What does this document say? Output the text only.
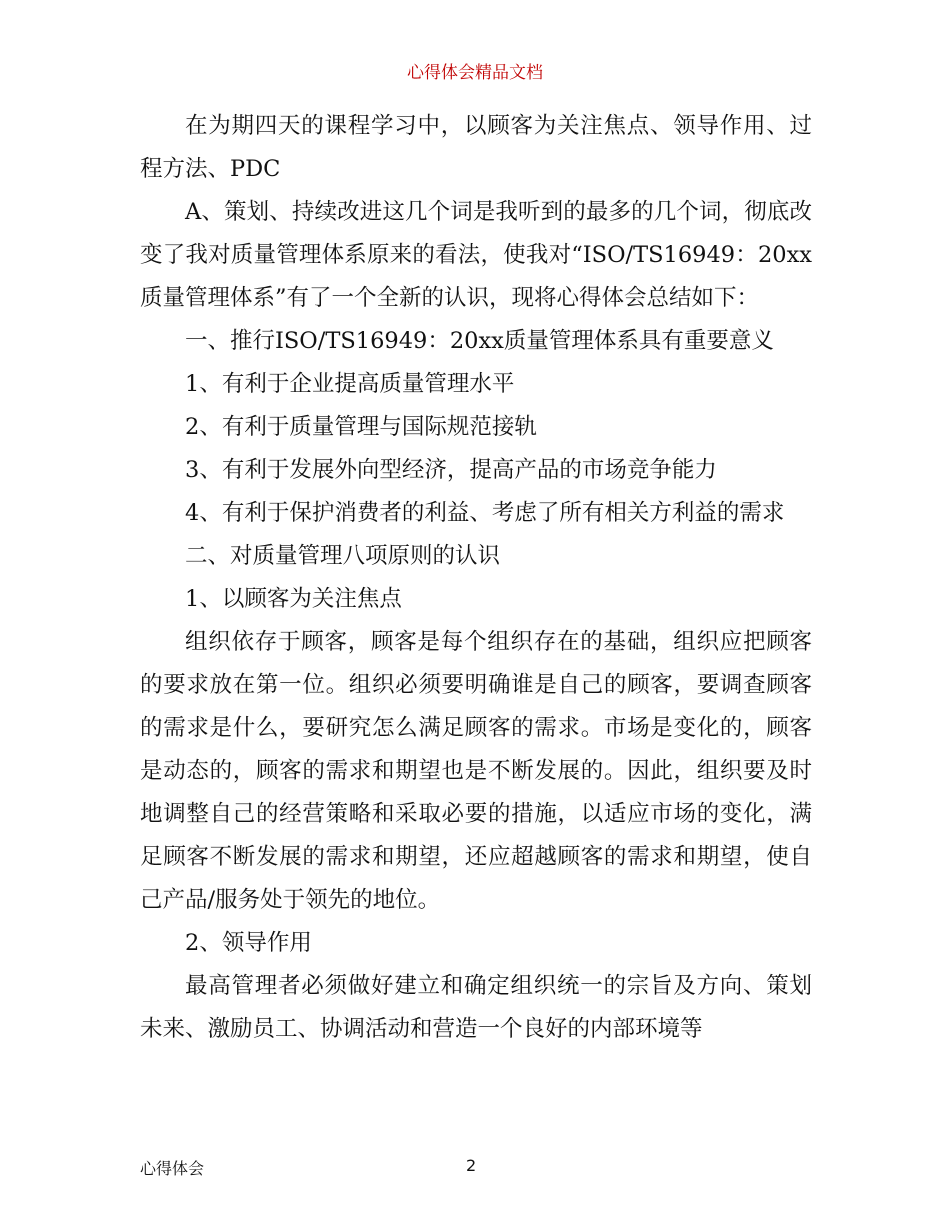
心得体会精品文档

在为期四天的课程学习中，以顾客为关注焦点、领导作用、过程方法、PDC

A、策划、持续改进这几个词是我听到的最多的几个词，彻底改变了我对质量管理体系原来的看法，使我对“ISO/TS16949：20xx质量管理体系”有了一个全新的认识，现将心得体会总结如下：

一、推行ISO/TS16949：20xx质量管理体系具有重要意义

1、有利于企业提高质量管理水平

2、有利于质量管理与国际规范接轨

3、有利于发展外向型经济，提高产品的市场竞争能力

4、有利于保护消费者的利益、考虑了所有相关方利益的需求

二、对质量管理八项原则的认识

1、以顾客为关注焦点

组织依存于顾客，顾客是每个组织存在的基础，组织应把顾客的要求放在第一位。组织必须要明确谁是自己的顾客，要调查顾客的需求是什么，要研究怎么满足顾客的需求。市场是变化的，顾客是动态的，顾客的需求和期望也是不断发展的。因此，组织要及时地调整自己的经营策略和采取必要的措施，以适应市场的变化，满足顾客不断发展的需求和期望，还应超越顾客的需求和期望，使自己产品/服务处于领先的地位。

2、领导作用

最高管理者必须做好建立和确定组织统一的宗旨及方向、策划未来、激励员工、协调活动和营造一个良好的内部环境等

心得体会	2
